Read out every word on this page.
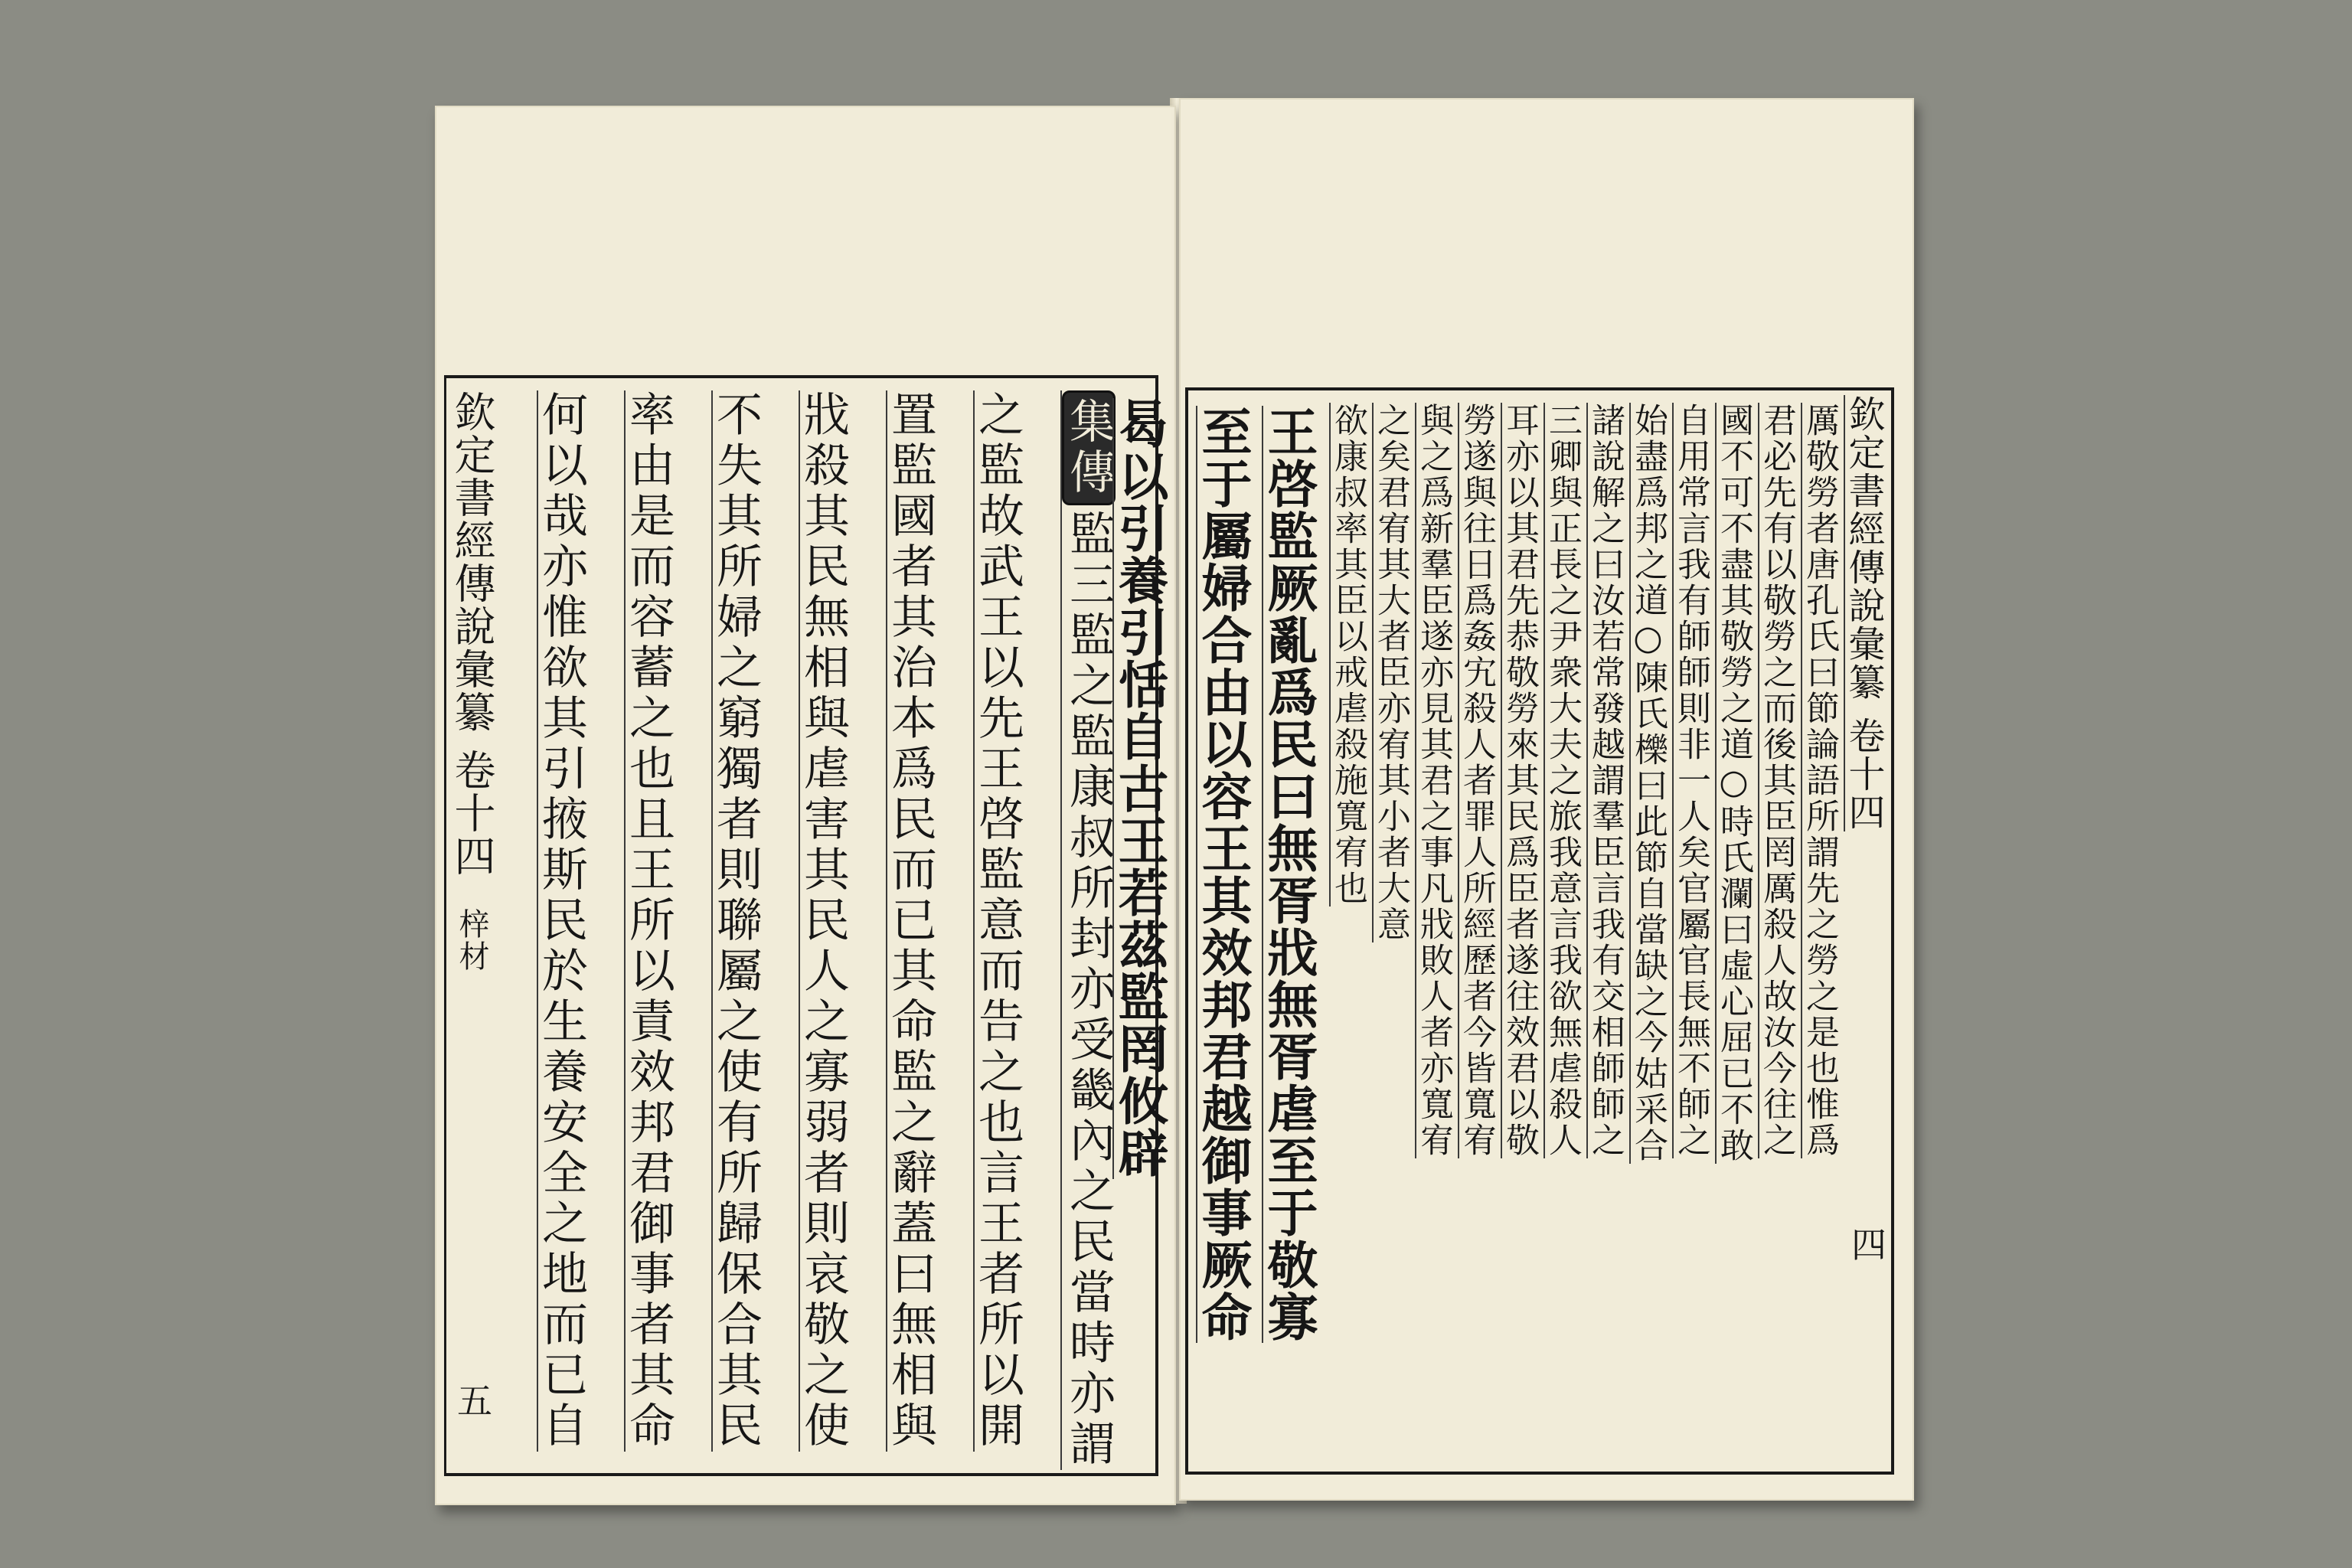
欽定書經傳說彙纂卷十四梓材
五 何以哉亦惟欲其引掖斯民於生養安全之地而已自 率由是而容蓄之也且王所以責效邦君御事者其命 不失其所婦之窮獨者則聯屬之使有所歸保合其民 戕殺其民無相與虐害其民人之寡弱者則哀敬之使 置監國者其治本爲民而已其命監之辭蓋曰無相與 之監故武王以先王啓監意而告之也言王者所以開 集傳監三監之監康叔所封亦受畿內之民當時亦謂
曷以引養引恬自古王若茲監罔攸辟 至于屬婦合由以容王其效邦君越御事厥命 王啓監厥亂爲民曰無胥戕無胥虐至于敬寡 欲康叔率其臣以戒虐殺施寬宥也 之矣君宥其大者臣亦宥其小者大意 與之爲新羣臣遂亦見其君之事凡戕敗人者亦寬宥 勞遂與往日爲姦宄殺人者罪人所經歷者今皆寬宥 耳亦以其君先恭敬勞來其民爲臣者遂往效君以敬 三卿與正長之尹衆大夫之旅我意言我欲無虐殺人 諸說解之曰汝若常發越謂羣臣言我有交相師師之 始盡爲邦之道○陳氏櫟曰此節自當缺之今姑采合 自用常言我有師師則非一人矣官屬官長無不師之 國不可不盡其敬勞之道○時氏瀾曰虛心屈已不敢 君必先有以敬勞之而後其臣罔厲殺人故汝今往之 厲敬勞者唐孔氏曰節論語所謂先之勞之是也惟爲 欽定書經傳說彙纂卷十四
四
